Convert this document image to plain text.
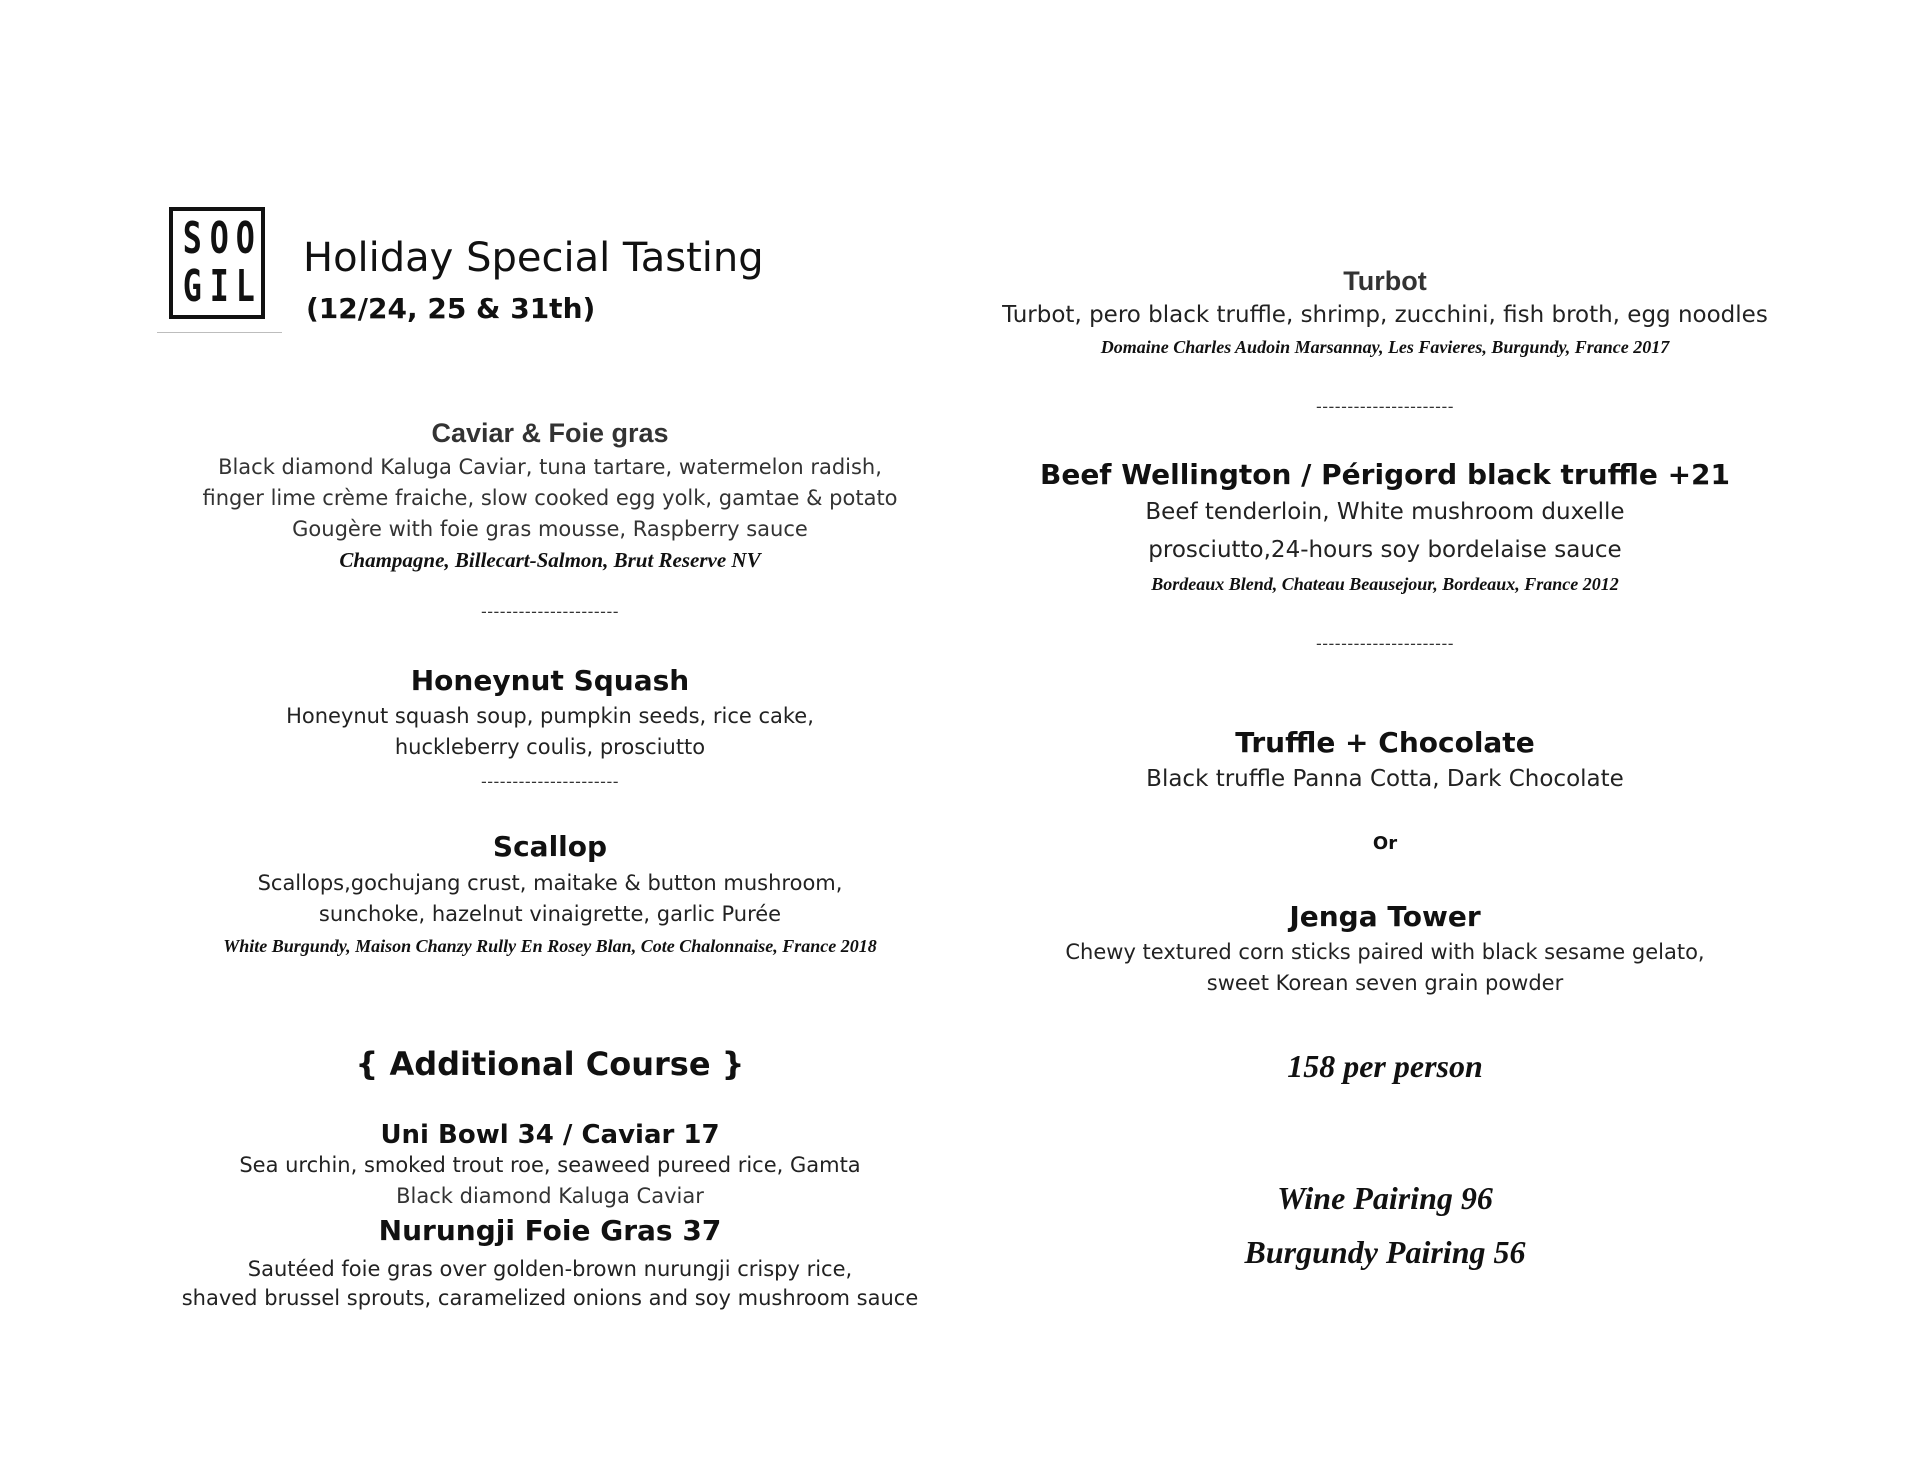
S O O
G I L
Holiday Special Tasting
(12/24, 25 & 31th)
Caviar & Foie gras
Black diamond Kaluga Caviar, tuna tartare, watermelon radish,
finger lime crème fraiche, slow cooked egg yolk, gamtae & potato
Gougère with foie gras mousse, Raspberry sauce
Champagne, Billecart-Salmon, Brut Reserve NV
----------------------
Honeynut Squash
Honeynut squash soup, pumpkin seeds, rice cake,
huckleberry coulis, prosciutto
----------------------
Scallop
Scallops,gochujang crust, maitake & button mushroom,
sunchoke, hazelnut vinaigrette, garlic Purée
White Burgundy, Maison Chanzy Rully En Rosey Blan, Cote Chalonnaise, France 2018
{ Additional Course }
Uni Bowl 34 / Caviar 17
Sea urchin, smoked trout roe, seaweed pureed rice, Gamta
Black diamond Kaluga Caviar
Nurungji Foie Gras 37
Sautéed foie gras over golden-brown nurungji crispy rice,
shaved brussel sprouts, caramelized onions and soy mushroom sauce
Turbot
Turbot, pero black truffle, shrimp, zucchini, fish broth, egg noodles
Domaine Charles Audoin Marsannay, Les Favieres, Burgundy, France 2017
----------------------
Beef Wellington / Périgord black truffle +21
Beef tenderloin, White mushroom duxelle
prosciutto,24-hours soy bordelaise sauce
Bordeaux Blend, Chateau Beausejour, Bordeaux, France 2012
----------------------
Truffle + Chocolate
Black truffle Panna Cotta, Dark Chocolate
Or
Jenga Tower
Chewy textured corn sticks paired with black sesame gelato,
sweet Korean seven grain powder
158 per person
Wine Pairing 96
Burgundy Pairing 56
